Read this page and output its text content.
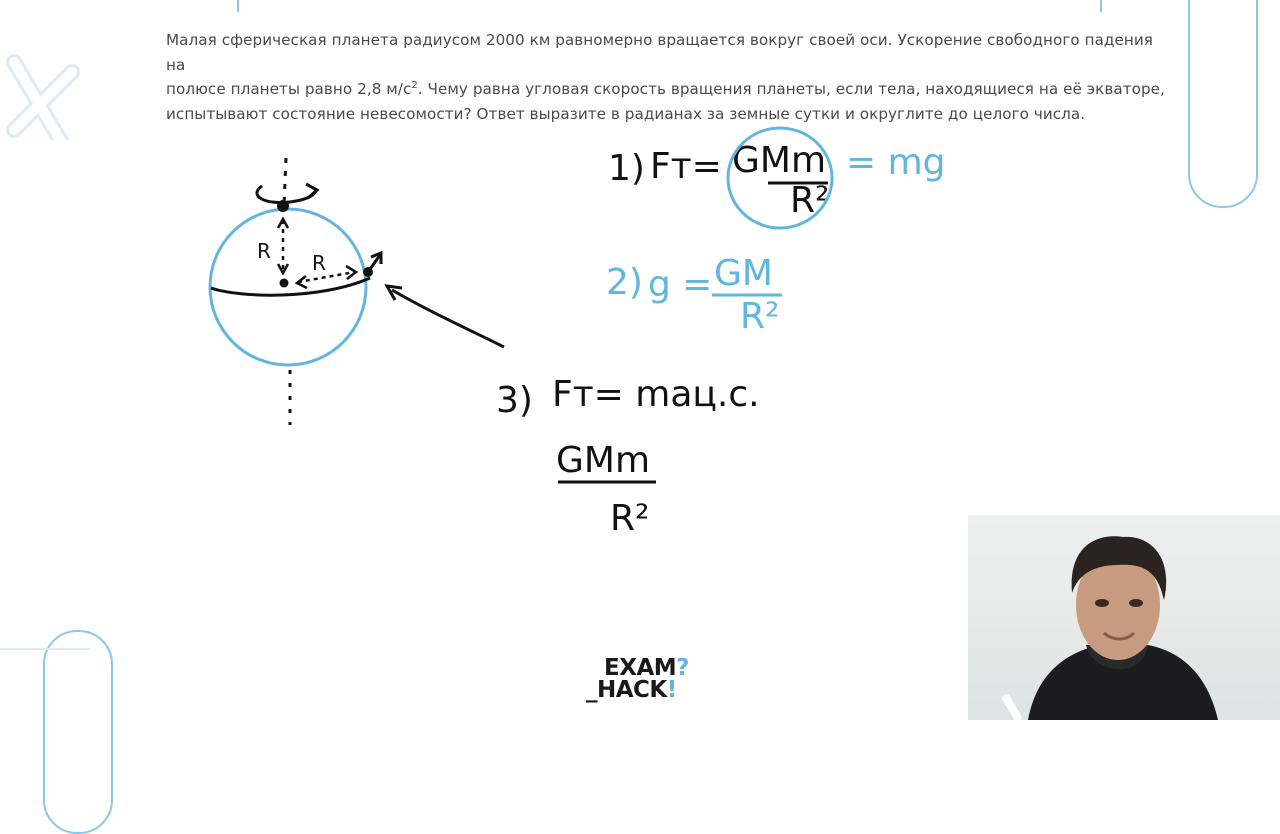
Малая сферическая планета радиусом 2000 км равномерно вращается вокруг своей оси. Ускорение свободного падения на
полюсе планеты равно 2,8 $м/с^2$. Чему равна угловая скорость вращения планеты, если тела, находящиеся на её экваторе,
испытывают состояние невесомости? Ответ выразите в радианах за земные сутки и округлите до целого числа.
R R
1) Fт= GMm
R²
= mg
2) g = GM
R²
3) Fт= maц.с.
GMm
R²
EXAM?
_HACK!
